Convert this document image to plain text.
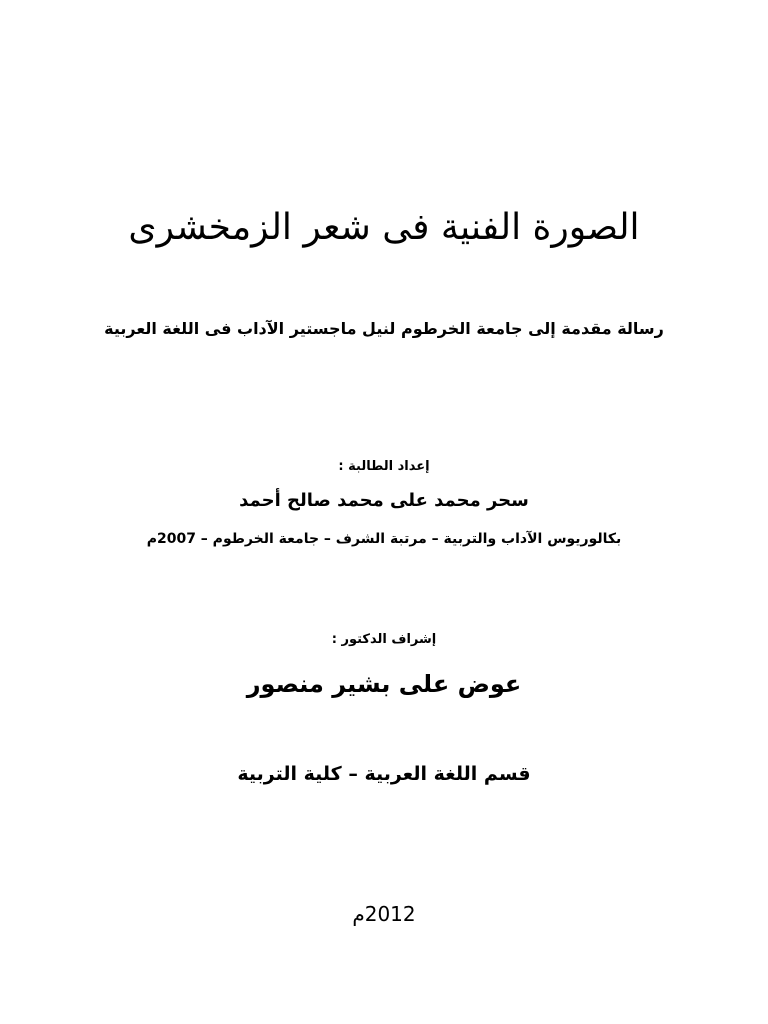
الصورة الفنية فى شعر الزمخشرى
رسالة مقدمة إلى جامعة الخرطوم لنيل ماجستير الآداب فى اللغة العربية
إعداد الطالبة :
سحر محمد على محمد صالح أحمد
بكالوريوس الآداب والتربية – مرتبة الشرف – جامعة الخرطوم – 2007م
إشراف الدكتور :
عوض على بشير منصور
قسم اللغة العربية – كلية التربية
2012م
